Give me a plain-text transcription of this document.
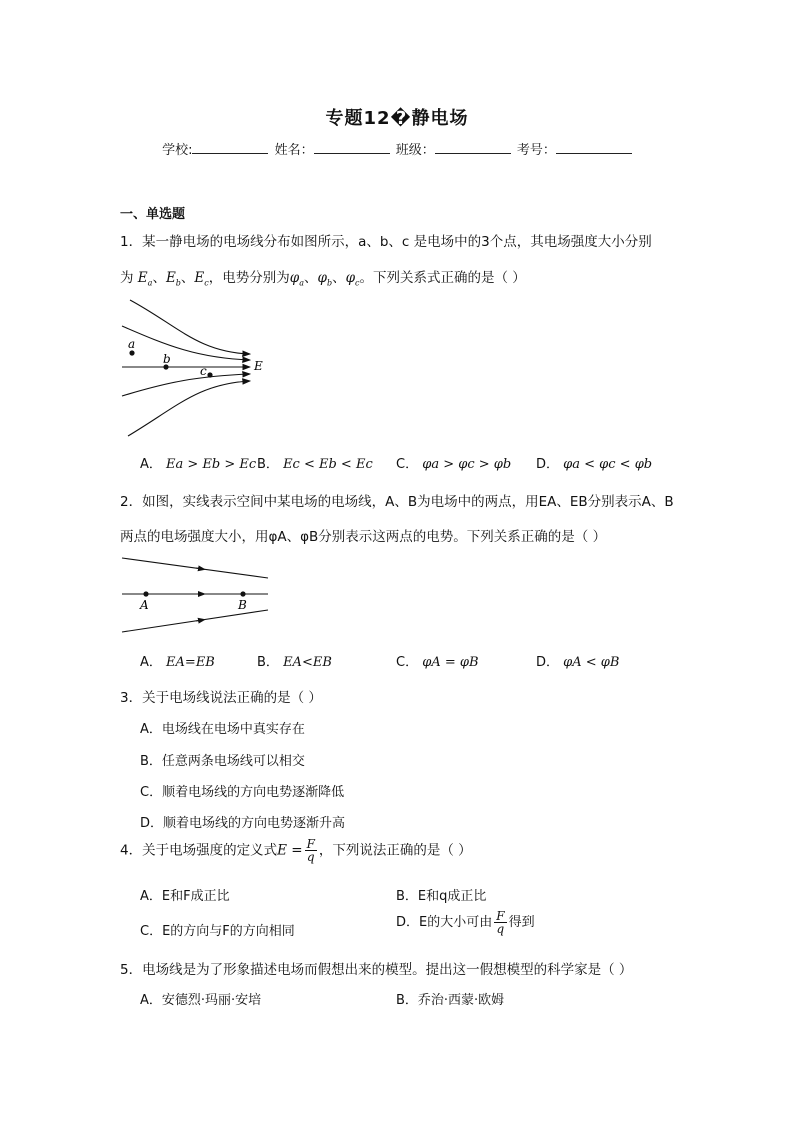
专题12�静电场
学校:	姓名：	班级：	考号：
一、单选题
1．某一静电场的电场线分布如图所示，a、b、c 是电场中的3个点，其电场强度大小分别
为 $E_a$、$E_b$、$E_c$，电势分别为$\varphi_a$、$\varphi_b$、$\varphi_c$。下列关系式正确的是（ ）
a
b
c	E
A． Ea > Eb > Ec B． Ec < Eb < Ec C． φa > φc > φb D． φa < φc < φb
2．如图，实线表示空间中某电场的电场线，A、B为电场中的两点，用EA、EB分别表示A、B
两点的电场强度大小，用φA、φB分别表示这两点的电势。下列关系正确的是（ ）
A	B
A． EA=EB	B． EA<EB	C． φA = φB	D． φA < φB
3．关于电场线说法正确的是（ ）
A．电场线在电场中真实存在
B．任意两条电场线可以相交
C．顺着电场线的方向电势逐渐降低
D．顺着电场线的方向电势逐渐升高
4．关于电场强度的定义式$E = \frac{F}{q}$ ，下列说法正确的是（ ）
A．E和F成正比	B．E和q成正比
C．E的方向与F的方向相同
D．E的大小可由 $\frac{F}{q}$ 得到
5．电场线是为了形象描述电场而假想出来的模型。提出这一假想模型的科学家是（ ）
A．安德烈·玛丽·安培	B．乔治·西蒙·欧姆
